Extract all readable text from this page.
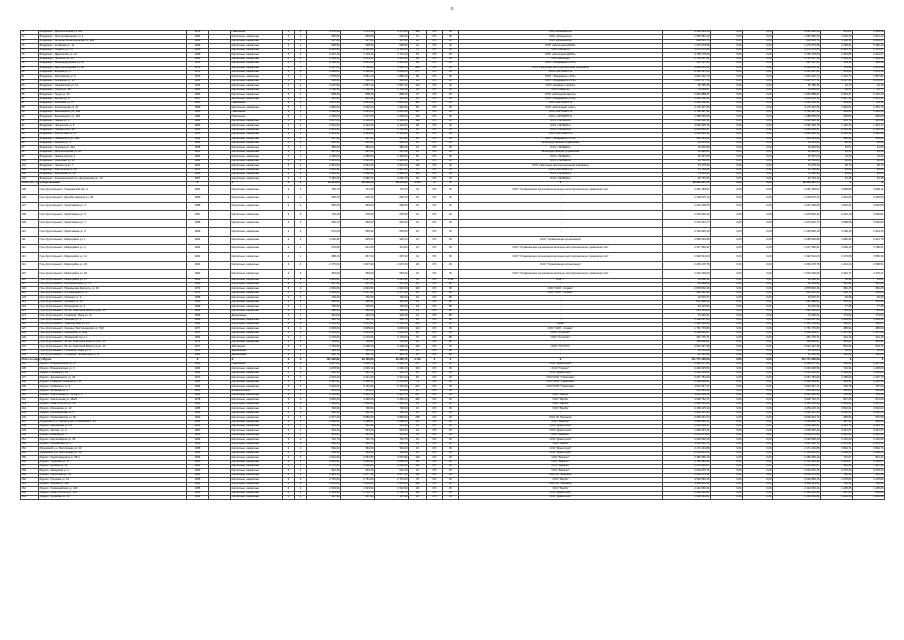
11
71	Владимир г, Добросельская ул, 161	1974		Панельные	5	4	4 176,40	4 176,40	4 176,40	180	РО	УК	ООО «Инициатор»	4 393 520,40	0,00	0,00	4 393 520,40	431,81	1 365,48
72	Владимир г, Электрозаводская ул, 3	1961		Кирпичные, каркасные	2	1	520,66	520,66	520,66	21	РО	УК	ООО «Инициатор»	1 050 982,42	0,00	0,00	1 050 982,42	1 020,46	4 021,12
73	Владимир г, Большая Нижегородская ул, 99а	1961		Кирпичные, каркасные	2	1	527,60	527,60	527,60	16	РО	УК	ООО «Инициатор»	808 805,70	0,00	0,00	808 805,70	1 128,11	4 014,47
74	Владимир г, Алябьева ул, 11	1969		Кирпичные, каркасные	2	1	538,90	538,90	538,90	12	РО	УК	МУП «Жилищник-ДЭСЗ»	1 479 679,98	0,00	0,00	1 479 679,98	2 308,91	5 480,29
75	Владимир г, Горького ул, 57	1960		Кирпичные, каркасные	3	2	2 905,50	2 905,50	2 364,60	75	РО	УК	ООО «Ресурс»	3 475 173,55	0,00	0,00	3 475 173,55	1 224,75	1 078,57
76	Владимир г, Дворянская ул, 14	1939		Кирпичные, каркасные	4	2	2 237,10	1 716,10	1 716,10	63	РО	УК	МУП «Жилищник-ДЭСЗ»	4 799 778,00	0,00	0,00	4 799 778,00	1 945,85	2 244,67
77	Владимир г, Гастелло ул, 14	1962		Кирпичные, каркасные	4	2	2 364,10	2 011,10	2 011,10	88	РО	УК	ООО «Восход»	3 765 457,28	0,00	0,00	3 765 457,28	1 628,64	1 952,18
78	Владимир г, Верхняя Дуброва ул, 16	1978		Кирпичные, каркасные	5	1	2 638,20	2 231,20	2 231,20	94	РО	УК	МУП г. Владимира «ГУК»	597 507,55	0,00	0,00	597 507,55	311,11	384,39
79	Владимир г, Доктора Немцова ул, 38	1976		Кирпичные, каркасные	5	7	6 197,20	5 783,20	5 562,70	280	РО	УК	ООО «Жилищно-эксплуатационная компания»	4 468 661,12	0,00	0,00	4 468 661,12	763,58	1 411,60
80	Владимир г, Егорова ул, 2	1972		Кирпичные, каркасные	5	3	6 460,00	5 450,80	5 052,00	277	РО	УК	ООО «АРТИНРОТ»	9 135 537,66	0,00	0,00	9 135 537,66	979,65	1 679,12
81	Владимир г, Мопровская ул, 6	1979		Кирпичные, каркасные	2	1	2 578,60	2 081,10	1 896,20	99	РО	УК	МУП г. Владимира «ГУК»	2 915 432,72	0,00	0,00	2 915 432,72	1 412,71	1 867,81
82	Владимир г, Агатазина ул, 13	1959		Кирпичные, каркасные	2	1	560,30	560,30	560,30	14	РО	УК	МУП г. Владимира «ГУК»	1 867 577,72	0,00	0,00	1 867 577,72	3 287,52	3 479,27
83	Владимир г, Перекопская ул, 11	1974		Кирпичные, каркасные	4	3	3 207,90	2 567,10	2 567,10	123	РО	УК	ООО «Комфорт-сервис»	66 785,35	0,00	0,00	66 785,35	24,17	19,15
84	Владимир г, Гоголя ул, 38	1966		Кирпичные, каркасные	4	2	1 792,30	1 792,30	1 792,30	64	РО	УК	ООО «Энерго»	78 569,97	0,00	0,00	78 569,97	43,37	40,77
85	Владимир г, Труда ул, 32	1954		Кирпичные, каркасные	3	1	808,30	808,30	808,30	27	РО	УК	ООО «Жилищная Центр»	2 963 888,97	0,00	0,00	2 963 888,97	3 594,47	3 422,33
86	Владимир г, Фрунзе ул, 8	1957		Кирпичные, каркасные	2	1	412,60	412,60	412,60	12	РО	УК	МУП г. Владимира «ГУК»	1 414 002,16	0,00	0,00	1 414 002,16	3 427,14	3 251,37
87	Владимир г, Кобзоева ул, 7б	1966		Панельные	9	1	4 231,90	4 081,90	4 081,90	185	РО	УК	ООО «АРТИНРОТ»	2 029 152,51	0,00	0,00	2 029 152,51	459,80	701,11
88	Владимир г, Комиссарова ул, 21	1989		Кирпичные, каркасные	5	2	1 992,60	1 992,60	1 992,60	69	РО	УК	ООО «Жилищный трест»	3 175 437,30	0,00	0,00	3 175 437,30	1 594,02	1 451,72
89	Владимир г, Безымянного ул, 16а	1995		Панельные	9	1	3 362,90	3 261,10	3 261,10	147	РО	УК	ООО «АРТИНРОТ»	1 782 997,12	0,00	0,00	1 782 997,12	534,69	1 066,58
90	Владимир г, Безымянного ул, 16б	1994		Панельные	9	1	2 325,60	2 207,60	2 206,60	116	РО	УК	ООО «АРТИНРОТ»	1 488 059,65	0,00	0,00	1 488 059,65	639,86	836,08
91	Владимир г, Лакина ул, 2	1962		Кирпичные, каркасные	4	4	4 507,00	4 138,00	4 138,00	196	РО	УК	ООО «ТЕ ВЕКО»	2 992 332,12	0,00	0,00	2 992 332,12	663,79	905,49
92	Владимир г, Чаплыгина ул, 8	1963		Кирпичные, каркасные	4	3	2 613,00	2 422,00	2 422,00	98	РО	УК	ООО «ТЕ ВЕКО»	3 092 335,15	0,00	0,00	3 092 335,15	1 183,44	1 324,17
93	Владимир г, Ленина пр-кт, 38	1965		Кирпичные, каркасные	4	2	1 914,40	1 702,40	1 702,40	87	РО	УК	ООО «ТЕ ВЕКО»	4 062 889,37	0,00	0,00	4 062 889,37	2 122,28	2 195,35
94	Владимир г, Растопчина ул, 17	1973		Кирпичные, каркасные	9	1	1 914,60	1 914,60	1 914,60	61	РО	УК	ООО «АРТИНРОТ»	1 963 285,16	0,00	0,00	1 963 285,16	1 025,43	1 022,98
95	Владимир г, Чайковского ул, 19/1	1962		Кирпичные, каркасные	2	1	637,40	637,40	637,40	16	РО	УК	МУП г. Владимира «ГУК»	316 431,54	0,00	0,00	316 431,54	496,44	505,91
96	Владимир г, Кирзача ул, 4	1962		Кирпичные, каркасные	2	1	620,00	620,00	620,00	16	РО	УК	Непосредственное управление	51 231,00	0,00	0,00	51 231,00	82,63	82,63
97	Владимир г, Пушкина ул, 10а	1958		Кирпичные, каркасные	2	1	383,20	383,20	383,20	10	РО	УК	ООО «ТЕ ВЕКО»	16 502,99	0,00	0,00	16 502,99	43,07	42,53
98	Владимир г, Добросельская ул, 20	1961		Кирпичные, каркасные	2	1	667,60	667,60	667,60	16	РО	УК	Непосредственное управление	16 920,55	0,00	0,00	16 920,55	25,35	25,35
99	Владимир г, Лакина проезд, 4	1962		Кирпичные, каркасные	4	1	2 450,60	2 450,60	2 450,60	60	РО	УК	ООО «ТЕ ВЕКО»	35 337,00	0,00	0,00	35 337,00	14,42	14,42
100	Владимир г, Северный ул, 10	1962		Кирпичные, каркасные	4	1	1 315,60	1 315,60	1 315,60	40	РО	УК	ООО «ТЕ ВЕКО»	39 780,00	0,00	0,00	39 780,00	30,23	30,23
101	Владимир г, Ленина пр-кт, 7	1961		Кирпичные, каркасные	5	4	2 561,60	2 561,60	2 561,60	100	РО	УК	ООО «Жилищно-эксплуатационная компания»	73 479,32	0,00	0,00	73 479,32	28,73	28,73
102	Владимир г, Растопчина ул, 19	1973		Кирпичные, каркасные	5	2	1 945,60	1 941,10	1 941,10	70	РО	УК	ООО «АРТИНРОТ»	54 786,00	0,00	0,00	54 786,00	28,23	28,23
103	Владимир г, Фатьянова ул, 26	1969		Кирпичные, каркасные	5	2	3 030,60	2 988,60	2 988,60	100	РО	УК	ООО «ТЕ ВЕКО»	74 546,95	0,00	0,00	74 546,95	24,84	24,84
104	Владимир г, Комсомольский пр, Центральная ул, 10	1957		Кирпичные, каркасные	4	2	2 150,20	2 066,70	2 066,70	84	РО	УК	ООО «ТЕ ВЕКО»	32 723,10	0,00	0,00	32 723,10	15,35	15,35
Итого по г. Гусь-Хрустальный		X		X	X	X	91 311,00	85 918,10	84 272,20	3 415	X	X	X	92 964 237,75	0,00	0,00	92 964 237,75	X	X
105	Гусь-Хрустальный г, Гражданский пер, 6	1961		Кирпичные, каркасные	2	2	784,70	707,30	707,30	24	РО	УК	ООО "Управляющая организация-жилищно-эксплуатационное управление №1"	2 291 159,61	0,00	0,00	2 291 159,61	2 968,88	3 095,11
106	Гусь-Хрустальный г, Дружбы Народов ул, 28	1959		Кирпичные, каркасные	2	1	635,10	635,10	635,10	16	РО	УК	-	2 109 675,12	0,00	0,00	2 109 675,12	3 321,00	3 305,50
107	Гусь-Хрустальный г, Эрмитажная ул, 3	1958		Кирпичные, каркасные	2	2	583,60	583,60	583,60	16	РО	УК	-	2 241 038,65	0,00	0,00	2 241 038,65	3 840,21	3 826,88
108	Гусь-Хрустальный г, Эрмитажная ул, 5	1957		Кирпичные, каркасные	2	2	725,40	678,90	678,90	16	РО	УК	-	2 478 030,42	0,00	0,00	2 478 030,42	3 416,10	3 650,81
109	Гусь-Хрустальный г, Эрмитажная ул, 7	1958		Кирпичные, каркасные	2	2	694,10	662,90	662,90	16	РО	УК	-	2 470 316,77	0,00	0,00	2 470 316,77	3 558,98	3 694,84
110	Гусь-Хрустальный г, Эрмитажная ул, 9	1959		Кирпичные, каркасные	2	2	672,00	655,90	655,90	16	РО	УК	-	2 149 835,19	0,00	0,00	2 149 835,19	3 199,16	3 314,15
111	Гусь-Хрустальный г, Микрорайон ул, 1	1962		Кирпичные, каркасные	2	2	1 000,90	935,20	935,20	16	РО	УК	ООО "Управляющая организация"	2 985 629,89	0,00	0,00	2 985 629,89	2 982,93	2 921,78
112	Гусь-Хрустальный г, Микрорайон ул, 2	1962		Кирпичные, каркасные	2	1	679,80	611,60	611,60	16	РО	УК	ООО "Управляющая организация-жилищно-эксплуатационное управление №1"	2 317 560,91	0,00	0,00	2 317 560,91	3 409,19	3 789,21
113	Гусь-Хрустальный г, Микрорайон ул, 14	1962		Кирпичные, каркасные	2	1	688,10	667,30	667,30	16	РО	УК	ООО "Управляющая организация-жилищно-эксплуатационное управление №1"	2 392 512,00	0,00	0,00	2 392 512,00	3 476,98	3 585,36
114	Гусь-Хрустальный г, Микрорайон ул, 23	1963		Кирпичные, каркасные	3	2	2 275,60	2 007,60	2 007,60	48	РО	УК	ООО "Управляющая организация"	3 209 178,78	0,00	0,00	3 209 178,78	1 410,24	1 598,51
115	Гусь-Хрустальный г, Микрорайон ул, 26	1962		Кирпичные, каркасные	2	2	693,60	666,60	666,60	16	РО	УК	ООО "Управляющая организация-жилищно-эксплуатационное управление №1"	2 319 239,69	0,00	0,00	2 319 239,69	3 343,77	3 479,21
116	Гусь-Хрустальный г, Микрорайон ул, 27	1962		Кирпичные, каркасные	2	1	1 641,00	1 527,50	1 644,90	33	РО	ТСЖ	ТСЖ "7"	91 868,10	0,00	0,00	91 868,10	55,98	55,85
117	Гусь-Хрустальный г, Интернационал ул, 17	1959		Кирпичные, каркасные	2	1	637,50	637,50	637,50	16	РО	ВУ	-	91 089,00	0,00	0,00	91 089,00	142,88	142,88
118	Гусь-Хрустальный г, Муравьиная Крепость ул, 16	1970		Кирпичные, каркасные	5	4	4 346,60	4 346,60	4 346,60	100	РО	УК	ООО "ЖЭУ - Сервис"	2 878 802,46	0,00	0,00	2 878 802,46	662,25	662,25
119	Гусь-Хрустальный г, 2-я Народная ул, 2	1972		Кирпичные, каркасные	5	2	1 560,60	1 477,40	1 477,40	60	РО	ВУ	ООО "ЖЭУ - Сервис"	302 412,61	0,00	0,00	302 412,61	193,78	204,69
120	Гусь-Хрустальный г, Осенняя ул, 3	1958		Кирпичные, каркасные	2	2	702,30	702,30	702,30	16	РО	ВУ	-	32 970,37	0,00	0,00	32 970,37	46,95	46,95
121	Гусь-Хрустальный г, Осенняя ул, 13	1959		Кирпичные, каркасные	2	1	418,50	418,50	418,50	16	РО	ВУ	-	241 988,58	0,00	0,00	241 988,58	578,23	578,23
122	Гусь-Хрустальный г, Пионерская ул, 3	1969		Кирпичные, каркасные	2	2	700,00	700,00	700,00	18	РО	ВУ	-	54 215,93	0,00	0,00	54 215,93	77,45	77,45
123	Гусь-Хрустальный г, 50 лет Советской Власти пр-кт, 25	1962		Кирпичные, каркасные	2	1	380,90	380,90	380,90	15	РО	ВУ	-	291 519,01	0,00	0,00	291 519,01	765,34	765,34
124	Гусь-Хрустальный г, Гусевской, Мира ул, 11	1956		Деревянные	2	1	422,00	422,00	422,00	12	РО	ВУ	-	73 226,21	0,00	0,00	73 226,21	173,52	173,52
125	Гусь-Хрустальный г, Рабочая ул, 3	1959		Кирпичные, каркасные	2	2	562,70	562,70	562,70	16	РО	ВУ	-	1 102 857,60	0,00	0,00	1 102 857,60	1 959,94	1 959,94
126	Гусь-Хрустальный г, Транспортная ул, 13	1961		Кирпичные, каркасные	5	4	5 151,30	5 151,30	5 151,30	105	РО	УК	"Нива"	1 355 133,96	0,00	0,00	1 355 133,96	263,07	263,07
127	Гусь-Хрустальный г, Красных Текстильщиков ул, 7/29	1977		Кирпичные, каркасные	9	2	3 605,00	3 605,00	3 605,00	144	РО	УК	ООО "ЖЭУ - Сервис"	1 751 776,80	0,00	0,00	1 751 776,80	485,93	485,93
128	Гусь-Хрустальный г, Ленинская ул, 2б/д	1978		Кирпичные, каркасные	5	4	3 591,60	3 591,60	3 591,60	80	РО	УК	ООО "Стройтех"	4 158 999,57	0,00	0,00	4 158 999,57	1 157,98	1 157,98
129	Гусь-Хрустальный г, Тихвинский пр-кт, 1	1951		Кирпичные, каркасные	2	1	2 176,60	2 176,60	2 176,60	70	РО	ВУ	ООО "Стройтех"	461 776,71	0,00	0,00	461 776,71	212,16	212,16
130	Гусь-Хрустальный г, 50 лет Советской Власти пр-кт, 45	1974		Кирпичные, каркасные	2	2	702,80	702,80	702,80	16	РО	ВУ	-	158 838,01	0,00	0,00	158 838,01	226,01	226,01
131	Гусь-Хрустальный г, 50 лет Советской Власти пр-кт, 43	1977		ЖБ панели	5	6	4 753,90	4 138,10	4 138,10	120	РО	УК	ООО "ГК РУТА"	2 622 327,39	0,00	0,00	2 622 327,39	551,62	633,71
132	Гусь-Хрустальный г, Гусевской, Мира ул, 3	1956		Деревянные	2	1	399,30	399,30	399,30	14	РО	ВУ	-	26 553,08	0,00	0,00	26 553,08	66,50	66,50
133	Гусь-Хрустальный г, Гусевской, Пионерская ул, 11	1956		Деревянные	2	1	352,70	352,70	352,70	12	РО	ВУ	-	41 131,36	0,00	0,00	41 131,36	116,62	116,62
Итого по округу Муром		X		X	X	X	101 332,82	93 100,60	91 665,72	3 144	X	X	X	111 771 335,09	0,00	0,00	111 771 335,09	X	X
134	Муром г, Владимирская ул, 37	1956		Панельные	5	6	4 907,20	4 588,70	4 588,70	177	РО	УК	ООО "Домострой"	2 648 377,65	0,00	0,00	2 648 377,65	539,69	1 447,89
135	Муром г, Владимирская ул, 3	1964		Кирпичные, каркасные	5	3	4 478,50	4 330,10	4 330,10	154	РО	УК	ООО "Горсвет"	3 246 625,56	0,00	0,00	3 246 625,56	724,94	1 295,69
136	Муром г, Галкина ул, 10	1962		Кирпичные, каркасные	2	1	666,10	522,70	522,70	16	РО	УК	ООО "Домострой"	2 121 455,21	0,00	0,00	2 121 455,21	3 184,89	4 058,84
137	Муром г, Дзержинского ул, 43	1973		Кирпичные, каркасные	5	4	2 523,20	2 321,20	2 321,20	81	РО	УК	ООО"ЖЭУ "Тарасовка"	3 267 781,60	0,00	0,00	3 267 781,60	1 295,09	1 407,79
138	Муром г, Коммунистическая ул, 51	1996		Кирпичные, каркасные	5	2	2 387,90	2 256,50	2 256,50	73	РО	УК	ООО"ЖЭУ "Тарасовка"	2 302 839,62	0,00	0,00	2 302 839,62	964,38	1 020,53
139	Муром г, Кубайского ул, 2	1964		Кирпичные, каркасные	5	6	6 324,00	5 794,40	5 794,40	247	РО	УК	ООО"ЖЭУ "Тарасовка"	4 621 547,17	0,00	0,00	4 621 547,17	730,78	797,60
140	Муром г, Куликова ул, 5	1960		Шлакоблочные	2	1	414,00	414,00	414,00	10	РО	УК	-	215 645,42	0,00	0,00	215 645,42	520,88	520,88
141	Муром г, Ливпгатьева ул, 42 корп. 2	1961		Кирпичные, каркасные	5	5	6 105,60	5 914,70	5 914,70	207	РО	УК	ООО "Верба"	4 621 396,44	0,00	0,00	4 621 396,44	756,90	781,35
142	Муром г, Ливпгатьева ул, 36а/5	1978		Кирпичные, каркасные	5	4	4 666,20	4 465,20	4 465,20	181	РО	УК	ООО "Верба"	3 906 752,17	0,00	0,00	3 906 752,17	837,25	874,93
143	Муром г, Льва Толстого ул, 95	1963		Кирпичные, каркасные	3	2	1 430,00	1 352,90	1 352,90	42	РО	УК	ООО "Верба"	1 566 215,44	0,00	0,00	1 566 215,44	1 095,26	1 157,67
144	Муром г, Мечникова ул, 19	1958		Кирпичные, каркасные	2	2	700,60	700,60	700,60	16	РО	УК	ООО "Верба"	2 459 115,10	0,00	0,00	2 459 115,10	3 510,01	3 510,01
145	Муром г, Меленковская ул, 9	1962		Кирпичные, каркасные	2	1	582,10	582,10	582,10	16	РО	УК	-	1 892 137,55	0,00	0,00	1 892 137,55	3 250,54	3 250,54
146	Муром г, Первомайская ул, 81	1963		Кирпичные, каркасные	4	3	6 277,30	5 883,90	5 883,90	258	РО	УК	ООО УК "Бережок"	3 945 644,73	0,00	0,00	3 945 644,73	628,56	670,58
147	Муромский р-н, Фабрики им П.А.Войкова п, 14	1959		Кирпичные, каркасные	3	2	1 362,50	1 298,60	1 298,60	42	РО	УК	ООО "Вымпел"	1 290 883,74	0,00	0,00	1 290 883,74	947,44	994,06
148	Муром г, Щербакова ул, 23	1959		Кирпичные, каркасные	2	1	544,30	544,30	544,30	16	РО	УК	ООО "Домострой"	1 820 569,47	0,00	0,00	1 820 569,47	3 344,79	3 344,79
149	Муром г, Эксперт ул, 6	1957		Кирпичные, каркасные	2	1	523,20	523,20	523,20	16	РО	УК	ООО "Домострой"	1 628 497,42	0,00	0,00	1 628 497,42	3 112,57	3 112,57
150	Муром г, Войкова ул, 7	1958		Кирпичные, каркасные	2	1	531,60	531,60	531,60	16	РО	УК	ООО "Вымпел"	1 614 275,63	0,00	0,00	1 614 275,63	3 036,63	3 036,63
151	Муром г, Карла Маркса ул, 56	1962		Кирпичные, каркасные	2	1	710,70	710,70	710,70	16	РО	УК	ООО "Домострой"	2 226 548,30	0,00	0,00	2 226 548,30	3 132,90	3 132,90
152	Муром г, Московская ул, 2	1959		Кирпичные, каркасные	2	1	560,10	560,10	560,10	16	РО	УК	ООО "Верба"	1 611 022,75	0,00	0,00	1 611 022,75	2 876,31	2 876,31
153	Муромский р-н, Молотицкая ул, 30	1958		Кирпичные, каркасные	2	1	564,00	564,00	564,00	16	РО	УК	ООО "Домострой"	2 171 234,88	0,00	0,00	2 171 234,88	3 849,71	3 849,71
154	Муромский р-н, Молотицкая ул, 52	1961		Кирпичные, каркасные	2	1	584,90	584,90	584,90	16	РО	УК	ООО "Домострой"	2 163 810,55	0,00	0,00	2 163 810,55	3 699,45	3 699,45
155	Муром г, Радиозаводское ш, 58 А	1966		Кирпичные, каркасные	4	4	3 212,90	3 057,80	3 057,80	120	РО	УК	ООО "Вымпел"	2 480 599,19	0,00	0,00	2 480 599,19	772,07	811,24
156	Муром г, Трудовая ул, 37	1960		Кирпичные, каркасные	3	3	1 852,60	1 852,60	1 852,60	48	РО	УК	ООО "Вымпел"	2 712 349,48	0,00	0,00	2 712 349,48	1 464,07	1 464,07
157	Муром г, Артёма ул, 18	1962		Кирпичные, каркасные	4	3	2 770,60	2 690,80	2 690,80	111	РО	УК	ООО "Вымпел"	2 279 965,87	0,00	0,00	2 279 965,87	822,90	847,32
158	Муром г, Заводская ул, 1	1959		Кирпичные, каркасные	2	1	622,40	622,40	622,40	16	РО	УК	ООО "Вымпел"	2 040 970,15	0,00	0,00	2 040 970,15	3 279,20	3 279,20
159	Муром г, Кирпичная ул, 11	1962		Кирпичные, каркасные	4	2	3 405,10	3 277,10	3 277,10	132	РО	УК	ООО УК "Бережок"	2 664 175,28	0,00	0,00	2 664 175,28	782,40	812,96
160	Муром г, Пушкина ул, 16	1956		Кирпичные, каркасные	3	3	2 751,50	2 751,50	2 751,50	78	РО	УК	ООО "Верба"	3 518 683,15	0,00	0,00	3 518 683,15	1 278,82	1 278,82
161	Муром г, Ленина ул, 110	1961		Кирпичные, каркасные	4	4	4 455,60	4 453,80	4 453,80	182	РО	УК	ООО УК "Бережок"	3 486 911,52	0,00	0,00	3 486 911,52	782,59	782,91
162	Муром г, Первомайская ул, 103	1958		Кирпичные, каркасные	3	2	1 523,90	1 523,90	1 523,90	48	РО	УК	ООО "Верба"	2 142 066,44	0,00	0,00	2 142 066,44	1 405,65	1 405,65
163	Муром г, Льва Толстого ул, 107	1963		Кирпичные, каркасные	4	3	2 964,90	2 762,70	2 762,70	112	РО	УК	ООО "Домострой"	2 394 212,83	0,00	0,00	2 394 212,83	807,50	866,62
164	Муром г, Куликова ул, 15	1959		Кирпичные, каркасные	2	1	487,90	487,90	487,90	16	РО	УК	ООО "Домострой"	1 585 664,02	0,00	0,00	1 585 664,02	3 249,98	3 249,98
